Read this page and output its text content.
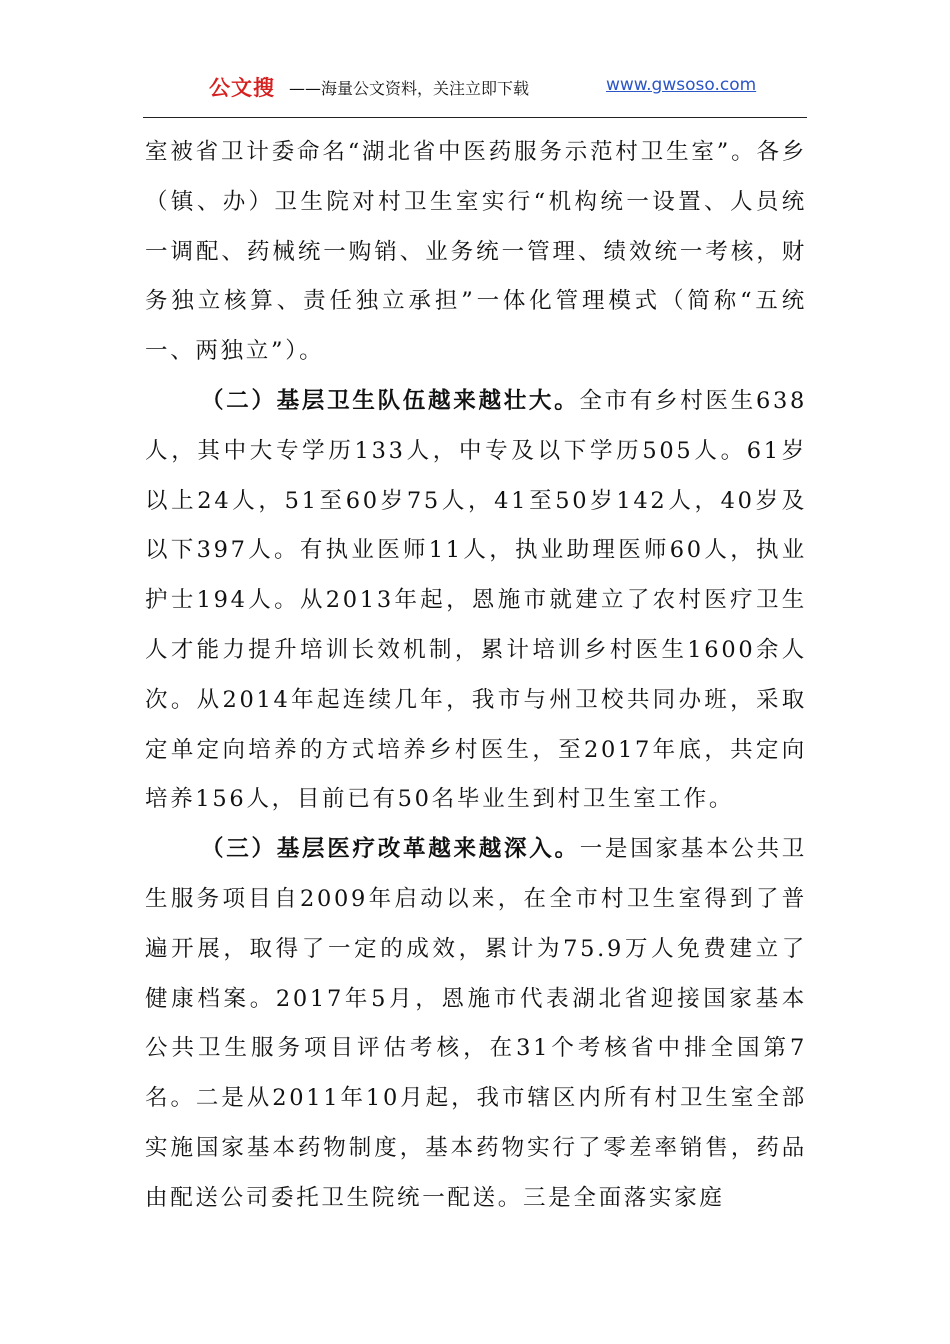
公文搜 ——海量公文资料，关注立即下载	www.gwsoso.com

室被省卫计委命名“湖北省中医药服务示范村卫生室”。各乡（镇、办）卫生院对村卫生室实行“机构统一设置、人员统一调配、药械统一购销、业务统一管理、绩效统一考核，财务独立核算、责任独立承担”一体化管理模式（简称“五统一、两独立”）。

（二）基层卫生队伍越来越壮大。全市有乡村医生638人，其中大专学历133人，中专及以下学历505人。61岁以上24人，51至60岁75人，41至50岁142人，40岁及以下397人。有执业医师11人，执业助理医师60人，执业护士194人。从2013年起，恩施市就建立了农村医疗卫生人才能力提升培训长效机制，累计培训乡村医生1600余人次。从2014年起连续几年，我市与州卫校共同办班，采取定单定向培养的方式培养乡村医生，至2017年底，共定向培养156人，目前已有50名毕业生到村卫生室工作。

（三）基层医疗改革越来越深入。一是国家基本公共卫生服务项目自2009年启动以来，在全市村卫生室得到了普遍开展，取得了一定的成效，累计为75.9万人免费建立了健康档案。2017年5月，恩施市代表湖北省迎接国家基本公共卫生服务项目评估考核，在31个考核省中排全国第7名。二是从2011年10月起，我市辖区内所有村卫生室全部实施国家基本药物制度，基本药物实行了零差率销售，药品由配送公司委托卫生院统一配送。三是全面落实家庭
